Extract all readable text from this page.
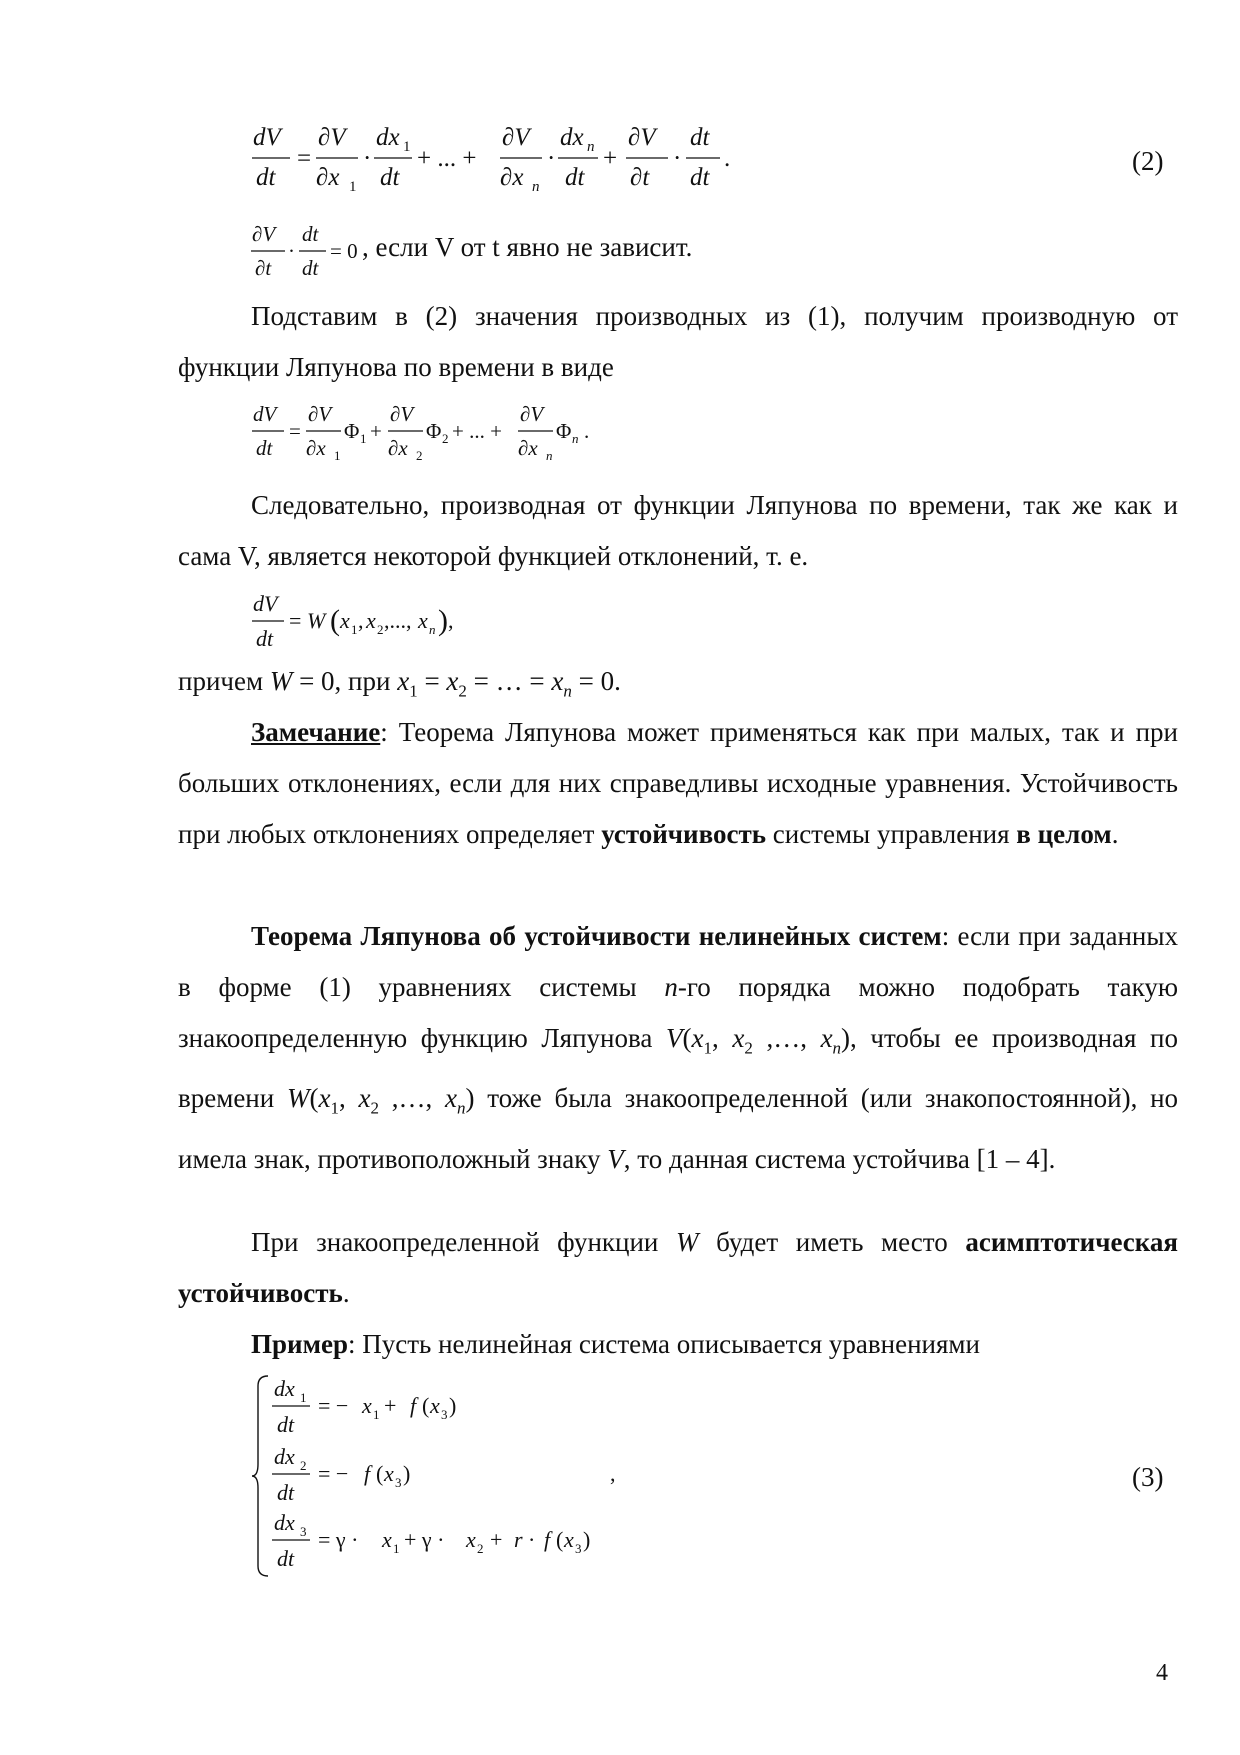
dV
dt
=
∂V
∂x 1
·
dx 1
dt
+ ... +
∂V
∂x n
·
dx n
dt
+
∂V
∂t
·
dt
dt
.	(2)
∂V
∂t
·
dt
dt
= 0 , если V от t явно не зависит.
Подставим в (2) значения производных из (1), получим производную от функции Ляпунова по времени в виде
dV
dt
=
∂V
∂x 1
Φ 1 +
∂V
∂x 2
Φ 2 + ... +
∂V
∂x n
Φ n .
Следовательно, производная от функции Ляпунова по времени, так же как и сама V, является некоторой функцией отклонений, т. е.
dV
dt
= W ( x 1 , x 2 ,..., x n ) ,
причем W = 0, при $x_1 = x_2$ = … = $x_n = 0$.
Замечание: Теорема Ляпунова может применяться как при малых, так и при больших отклонениях, если для них справедливы исходные уравнения. Устойчивость при любых отклонениях определяет устойчивость системы управления в целом.
Теорема Ляпунова об устойчивости нелинейных систем: если при заданных в форме (1) уравнениях системы n-го порядка можно подобрать такую знакоопределенную функцию Ляпунова $V(x_1$, $x_2$ ,…, $x_n$), чтобы ее производная по времени $W(x_1$, $x_2$ ,…, $x_n$) тоже была знакоопределенной (или знакопостоянной), но имела знак, противоположный знаку V, то данная система устойчива [1 – 4].
При знакоопределенной функции W будет иметь место асимптотическая устойчивость.
Пример: Пусть нелинейная система описывается уравнениями
dx 1
dt
= − x 1 + f ( x 3 )
dx 2
dt
= − f ( x 3 )	,
dx 3
dt
= γ · x 1 + γ · x 2 + r · f ( x 3 )
(3)
4
